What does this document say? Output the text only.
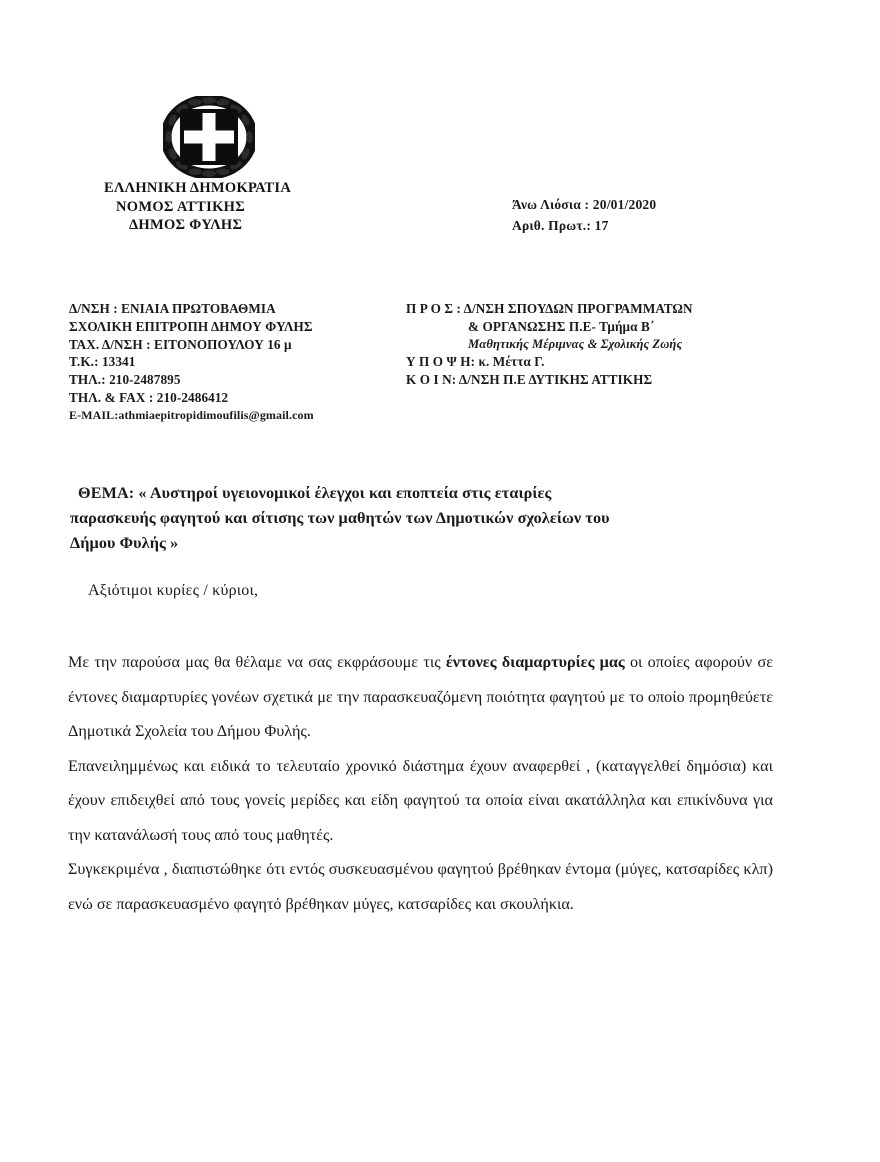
ΕΛΛΗΝΙΚΗ ΔΗΜΟΚΡΑΤΙΑ
ΝΟΜΟΣ ΑΤΤΙΚΗΣ
ΔΗΜΟΣ ΦΥΛΗΣ
Άνω Λιόσια : 20/01/2020
Αριθ. Πρωτ.: 17
Δ/ΝΣΗ : ΕΝΙΑΙΑ ΠΡΩΤΟΒΑΘΜΙΑ
ΣΧΟΛΙΚΗ ΕΠΙΤΡΟΠΗ ΔΗΜΟΥ ΦΥΛΗΣ
ΤΑΧ. Δ/ΝΣΗ : ΕΙΤΟΝΟΠΟΥΛΟΥ 16 μ
Τ.Κ.: 13341
ΤΗΛ.: 210-2487895
ΤΗΛ. & FAX : 210-2486412
E-MAIL:athmiaepitropidimoufilis@gmail.com
Π Ρ Ο Σ : Δ/ΝΣΗ ΣΠΟΥΔΩΝ ΠΡΟΓΡΑΜΜΑΤΩΝ
& ΟΡΓΑΝΩΣΗΣ Π.Ε- Τμήμα Β΄
Μαθητικής Μέριμνας & Σχολικής Ζωής
Υ Π Ο Ψ Η: κ. Μέττα Γ.
Κ Ο Ι Ν: Δ/ΝΣΗ Π.Ε ΔΥΤΙΚΗΣ ΑΤΤΙΚΗΣ
ΘΕΜΑ: « Αυστηροί υγειονομικοί έλεγχοι και εποπτεία στις εταιρίες
παρασκευής φαγητού και σίτισης των μαθητών των Δημοτικών σχολείων του
Δήμου Φυλής »
Αξιότιμοι κυρίες / κύριοι,

Με την παρούσα μας θα θέλαμε να σας εκφράσουμε τις έντονες διαμαρτυρίες μας οι οποίες αφορούν σε έντονες διαμαρτυρίες γονέων σχετικά με την παρασκευαζόμενη ποιότητα φαγητού με το οποίο προμηθεύετε Δημοτικά Σχολεία του Δήμου Φυλής.

Επανειλημμένως και ειδικά το τελευταίο χρονικό διάστημα έχουν αναφερθεί , (καταγγελθεί δημόσια) και έχουν επιδειχθεί από τους γονείς μερίδες και είδη φαγητού τα οποία είναι ακατάλληλα και επικίνδυνα για την κατανάλωσή τους από τους μαθητές.

Συγκεκριμένα , διαπιστώθηκε ότι εντός συσκευασμένου φαγητού βρέθηκαν έντομα (μύγες, κατσαρίδες κλπ) ενώ σε παρασκευασμένο φαγητό βρέθηκαν μύγες, κατσαρίδες και σκουλήκια.
